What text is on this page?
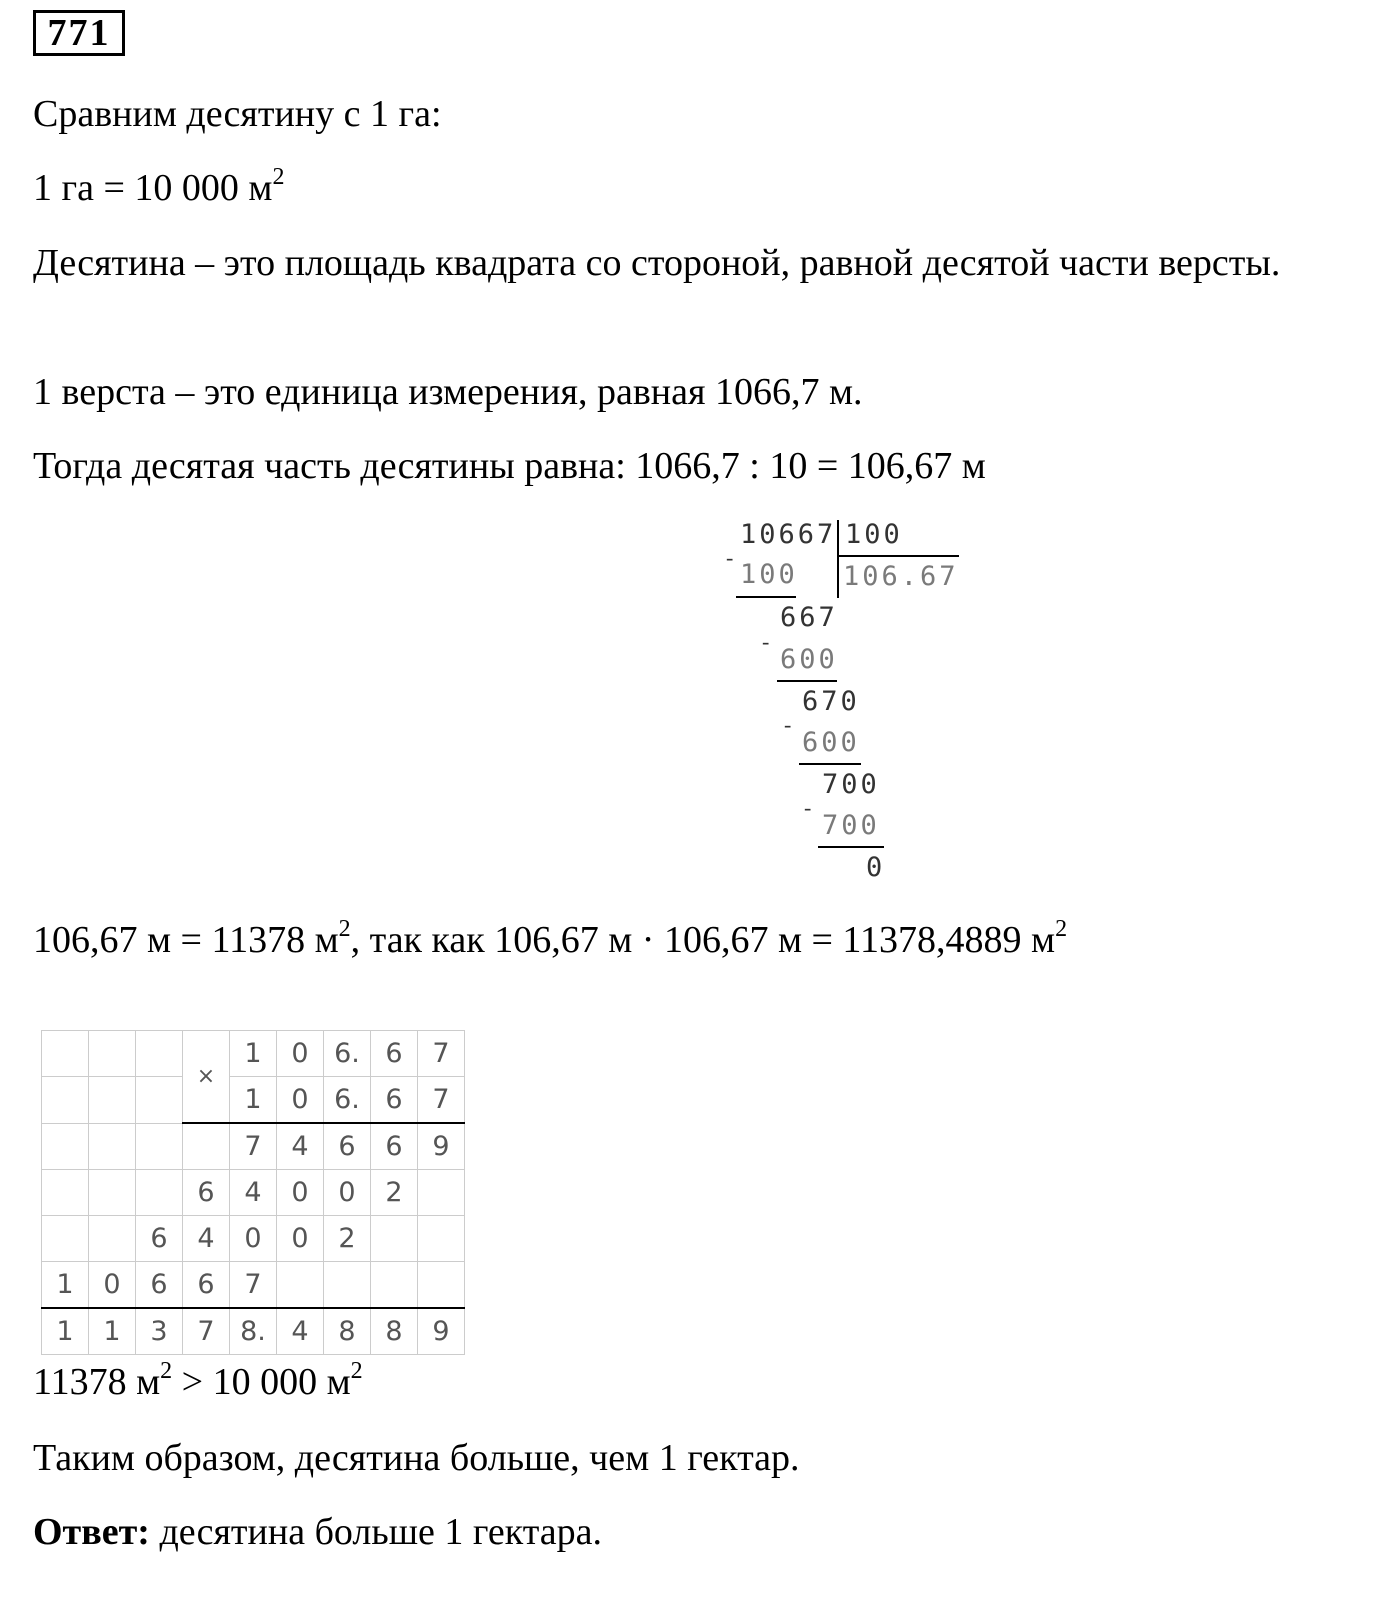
771
Сравним десятину с 1 га:
1 га = 10 000 $м^2$
Десятина – это площадь квадрата со стороной, равной десятой части версты.
1 верста – это единица измерения, равная 1066,7 м.
Тогда десятая часть десятины равна: 1066,7 : 10 = 106,67 м
10667 100
106.67
-
100
667
-
600
670
-
600
700
-
700
0
106,67 м = 11378 $м^2$, так как 106,67 м · 106,67 м = 11378,4889 $м^2$
			×	1	0	6.	6	7
				1	0	6.	6	7
				7	4	6	6	9
			6	4	0	0	2	
		6	4	0	0	2		
1	0	6	6	7				
1	1	3	7	8.	4	8	8	9
11378 $м^2 > 10$ 000 $м^2$
Таким образом, десятина больше, чем 1 гектар.
Ответ: десятина больше 1 гектара.
